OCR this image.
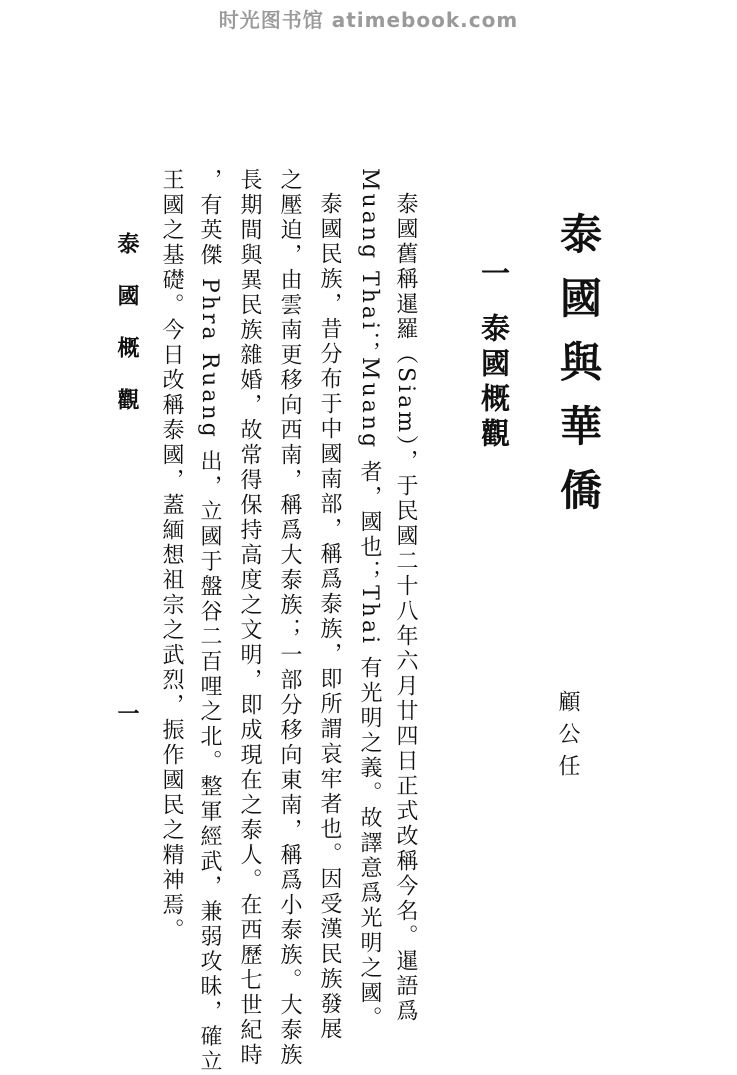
时光图书馆 atimebook.com
泰國與華僑
顧公任
一泰國概觀
泰國舊稱暹羅（Siam），于民國二十八年六月廿四日正式改稱今名。暹語爲
Muang Thai；Muang 者，國也；Thai 有光明之義。故譯意爲光明之國。
泰國民族，昔分布于中國南部，稱爲泰族，即所謂哀牢者也。因受漢民族發展
之壓迫，由雲南更移向西南，稱爲大泰族；一部分移向東南，稱爲小泰族。大泰族
長期間與異民族雜婚，故常得保持高度之文明，即成現在之泰人。在西歷七世紀時
，有英傑 Phra Ruang 出，立國于盤谷二百哩之北。整軍經武，兼弱攻昧，確立
王國之基礎。今日改稱泰國，蓋緬想祖宗之武烈，振作國民之精神焉。
泰國概觀
一
